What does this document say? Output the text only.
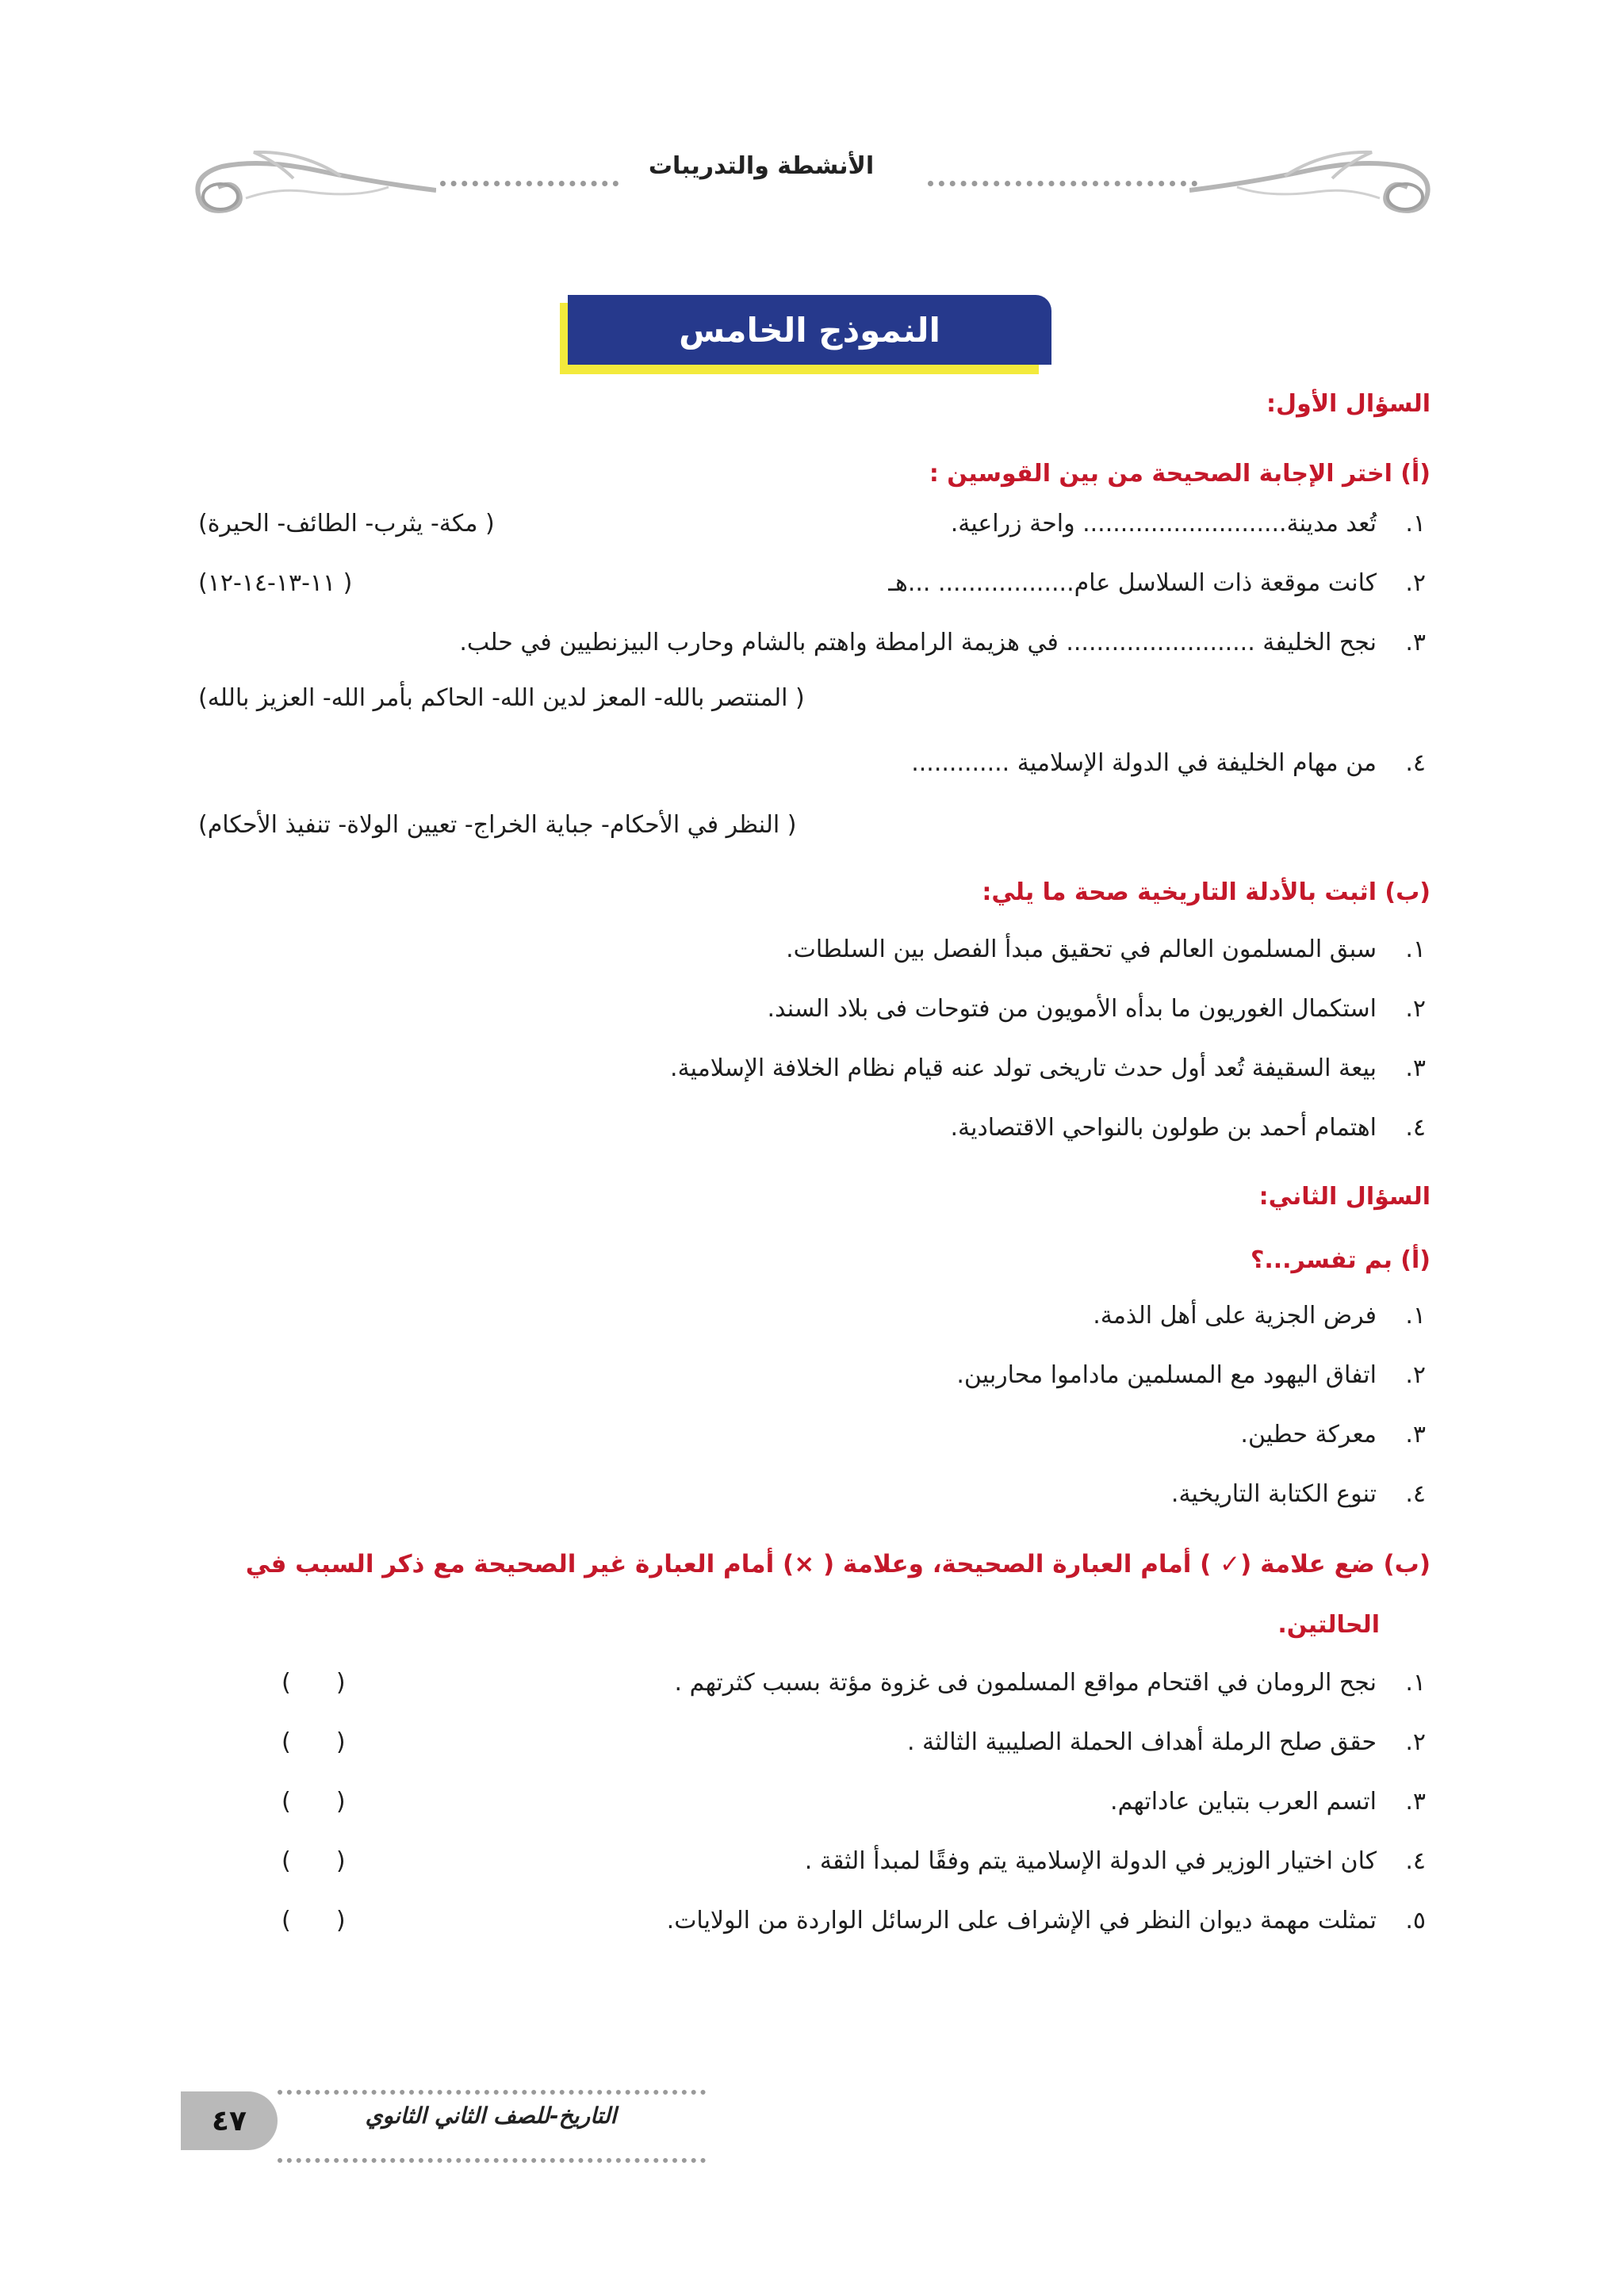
الأنشطة والتدريبات
النموذج الخامس
السؤال الأول:
(أ) اختر الإجابة الصحيحة من بين القوسين :
١.تُعد مدينة........................... واحة زراعية.
( مكة- يثرب- الطائف- الحيرة)
٢.كانت موقعة ذات السلاسل عام.................. ...هـ
( ١١-١٣-١٤-١٢)
٣.نجح الخليفة ......................... في هزيمة الرامطة واهتم بالشام وحارب البيزنطيين في حلب.
( المنتصر بالله- المعز لدين الله- الحاكم بأمر الله- العزيز بالله)
٤.من مهام الخليفة في الدولة الإسلامية .............
( النظر في الأحكام- جباية الخراج- تعيين الولاة- تنفيذ الأحكام)
(ب) اثبت بالأدلة التاريخية صحة ما يلي:
١.سبق المسلمون العالم في تحقيق مبدأ الفصل بين السلطات.
٢.استكمال الغوريون ما بدأه الأمويون من فتوحات فى بلاد السند.
٣.بيعة السقيفة تُعد أول حدث تاريخى تولد عنه قيام نظام الخلافة الإسلامية.
٤.اهتمام أحمد بن طولون بالنواحي الاقتصادية.
السؤال الثاني:
(أ) بم تفسر...؟
١.فرض الجزية على أهل الذمة.
٢.اتفاق اليهود مع المسلمين ماداموا محاربين.
٣.معركة حطين.
٤.تنوع الكتابة التاريخية.
(ب) ضع علامة (✓ ) أمام العبارة الصحيحة، وعلامة ( ×) أمام العبارة غير الصحيحة مع ذكر السبب في
الحالتين.
١.نجح الرومان في اقتحام مواقع المسلمون فى غزوة مؤتة بسبب كثرتهم .
(      )
٢.حقق صلح الرملة أهداف الحملة الصليبية الثالثة .
(      )
٣.اتسم العرب بتباين عاداتهم.
(      )
٤.كان اختيار الوزير في الدولة الإسلامية يتم وفقًا لمبدأ الثقة .
(      )
٥.تمثلت مهمة ديوان النظر في الإشراف على الرسائل الواردة من الولايات.
(      )
٤٧	التاريخ-للصف الثاني الثانوي
